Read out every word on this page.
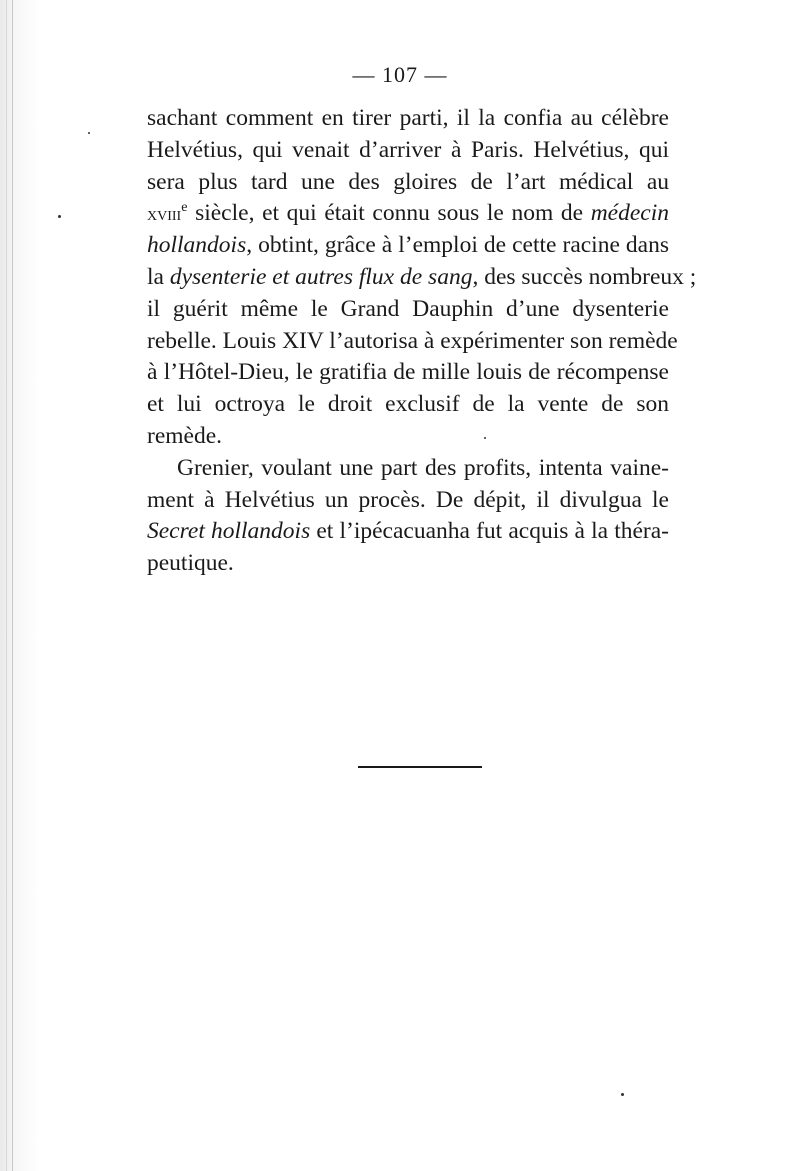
— 107 —
sachant comment en tirer parti, il la confia au célèbre
Helvétius, qui venait d’arriver à Paris. Helvétius, qui
sera plus tard une des gloires de l’art médical au
xviii$^e$ siècle, et qui était connu sous le nom de médecin
hollandois, obtint, grâce à l’emploi de cette racine dans
la dysenterie et autres flux de sang, des succès nombreux ;
il guérit même le Grand Dauphin d’une dysenterie
rebelle. Louis XIV l’autorisa à expérimenter son remède
à l’Hôtel-Dieu, le gratifia de mille louis de récompense
et lui octroya le droit exclusif de la vente de son
remède.
Grenier, voulant une part des profits, intenta vaine-
ment à Helvétius un procès. De dépit, il divulgua le
Secret hollandois et l’ipécacuanha fut acquis à la théra-
peutique.
